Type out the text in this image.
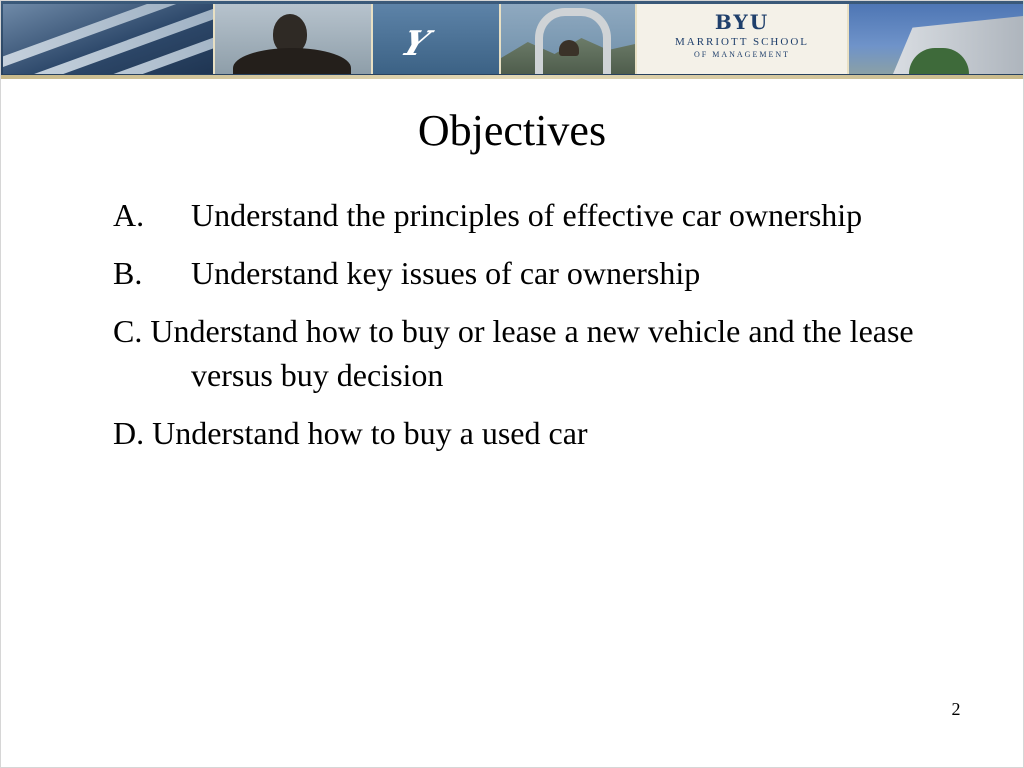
Y
BYU
MARRIOTT SCHOOL
OF MANAGEMENT
Objectives
A. Understand the principles of effective car ownership
B. Understand key issues of car ownership
C. Understand how to buy or lease a new vehicle and the lease versus buy decision
D. Understand how to buy a used car
2
